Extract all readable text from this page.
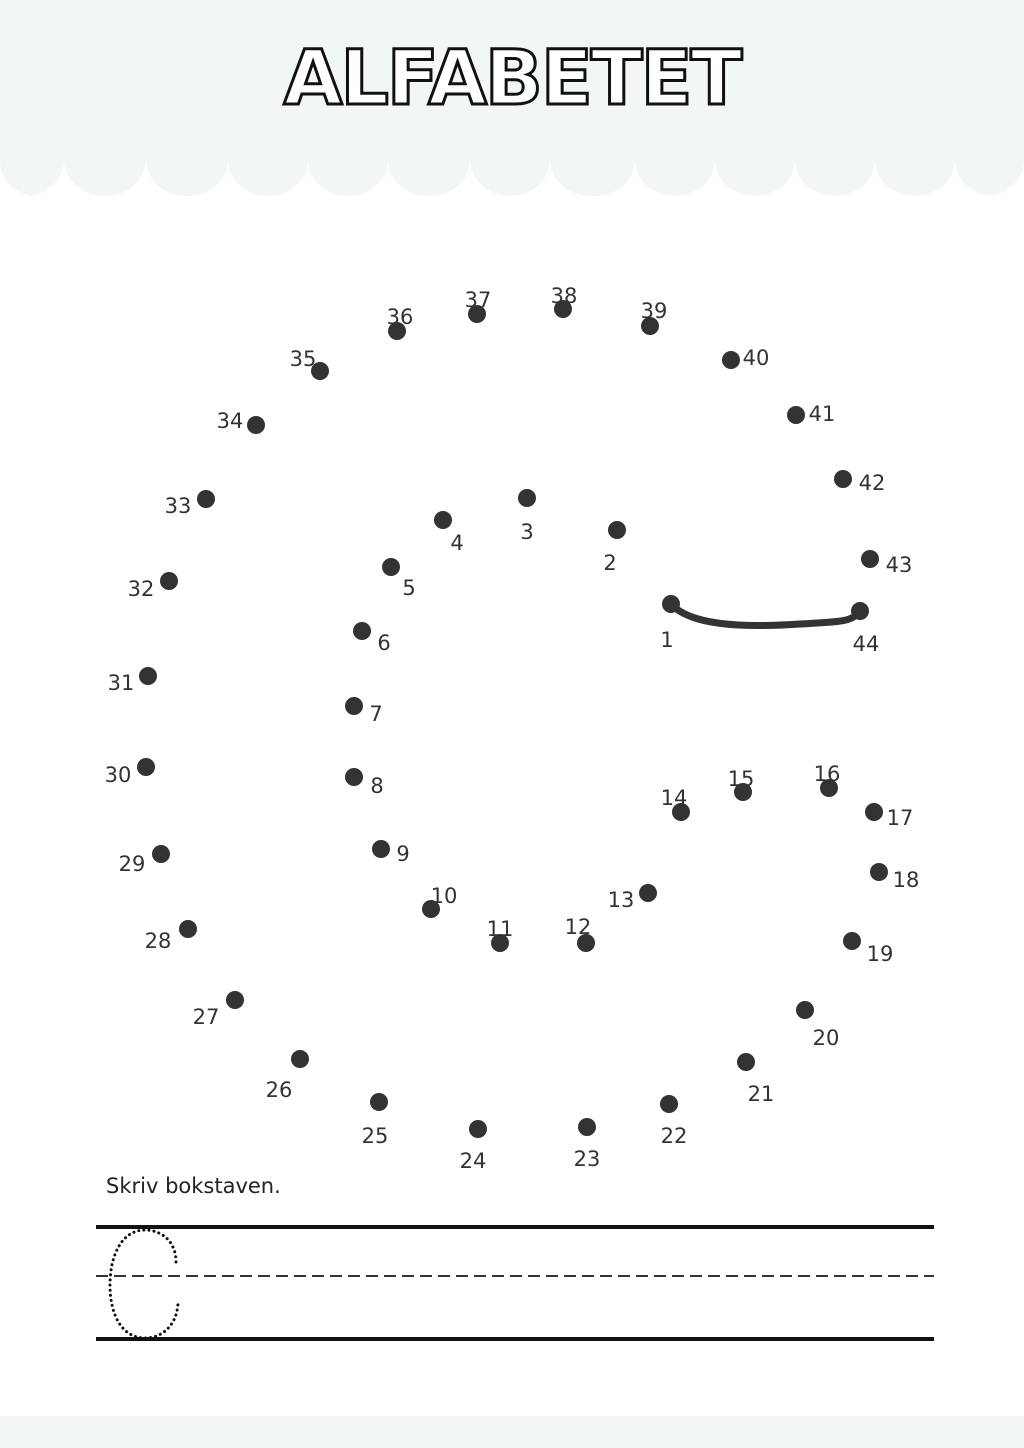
ALFABETET
1
2
3
4
5
6
7
8
9
10
11 12
13
14
15	16
17
18
19
20
21
22
23
24
25
26
27
28
29
30
31
32
33
34
35
36
37	38
39
40
41
42
43
44
Skriv bokstaven.
